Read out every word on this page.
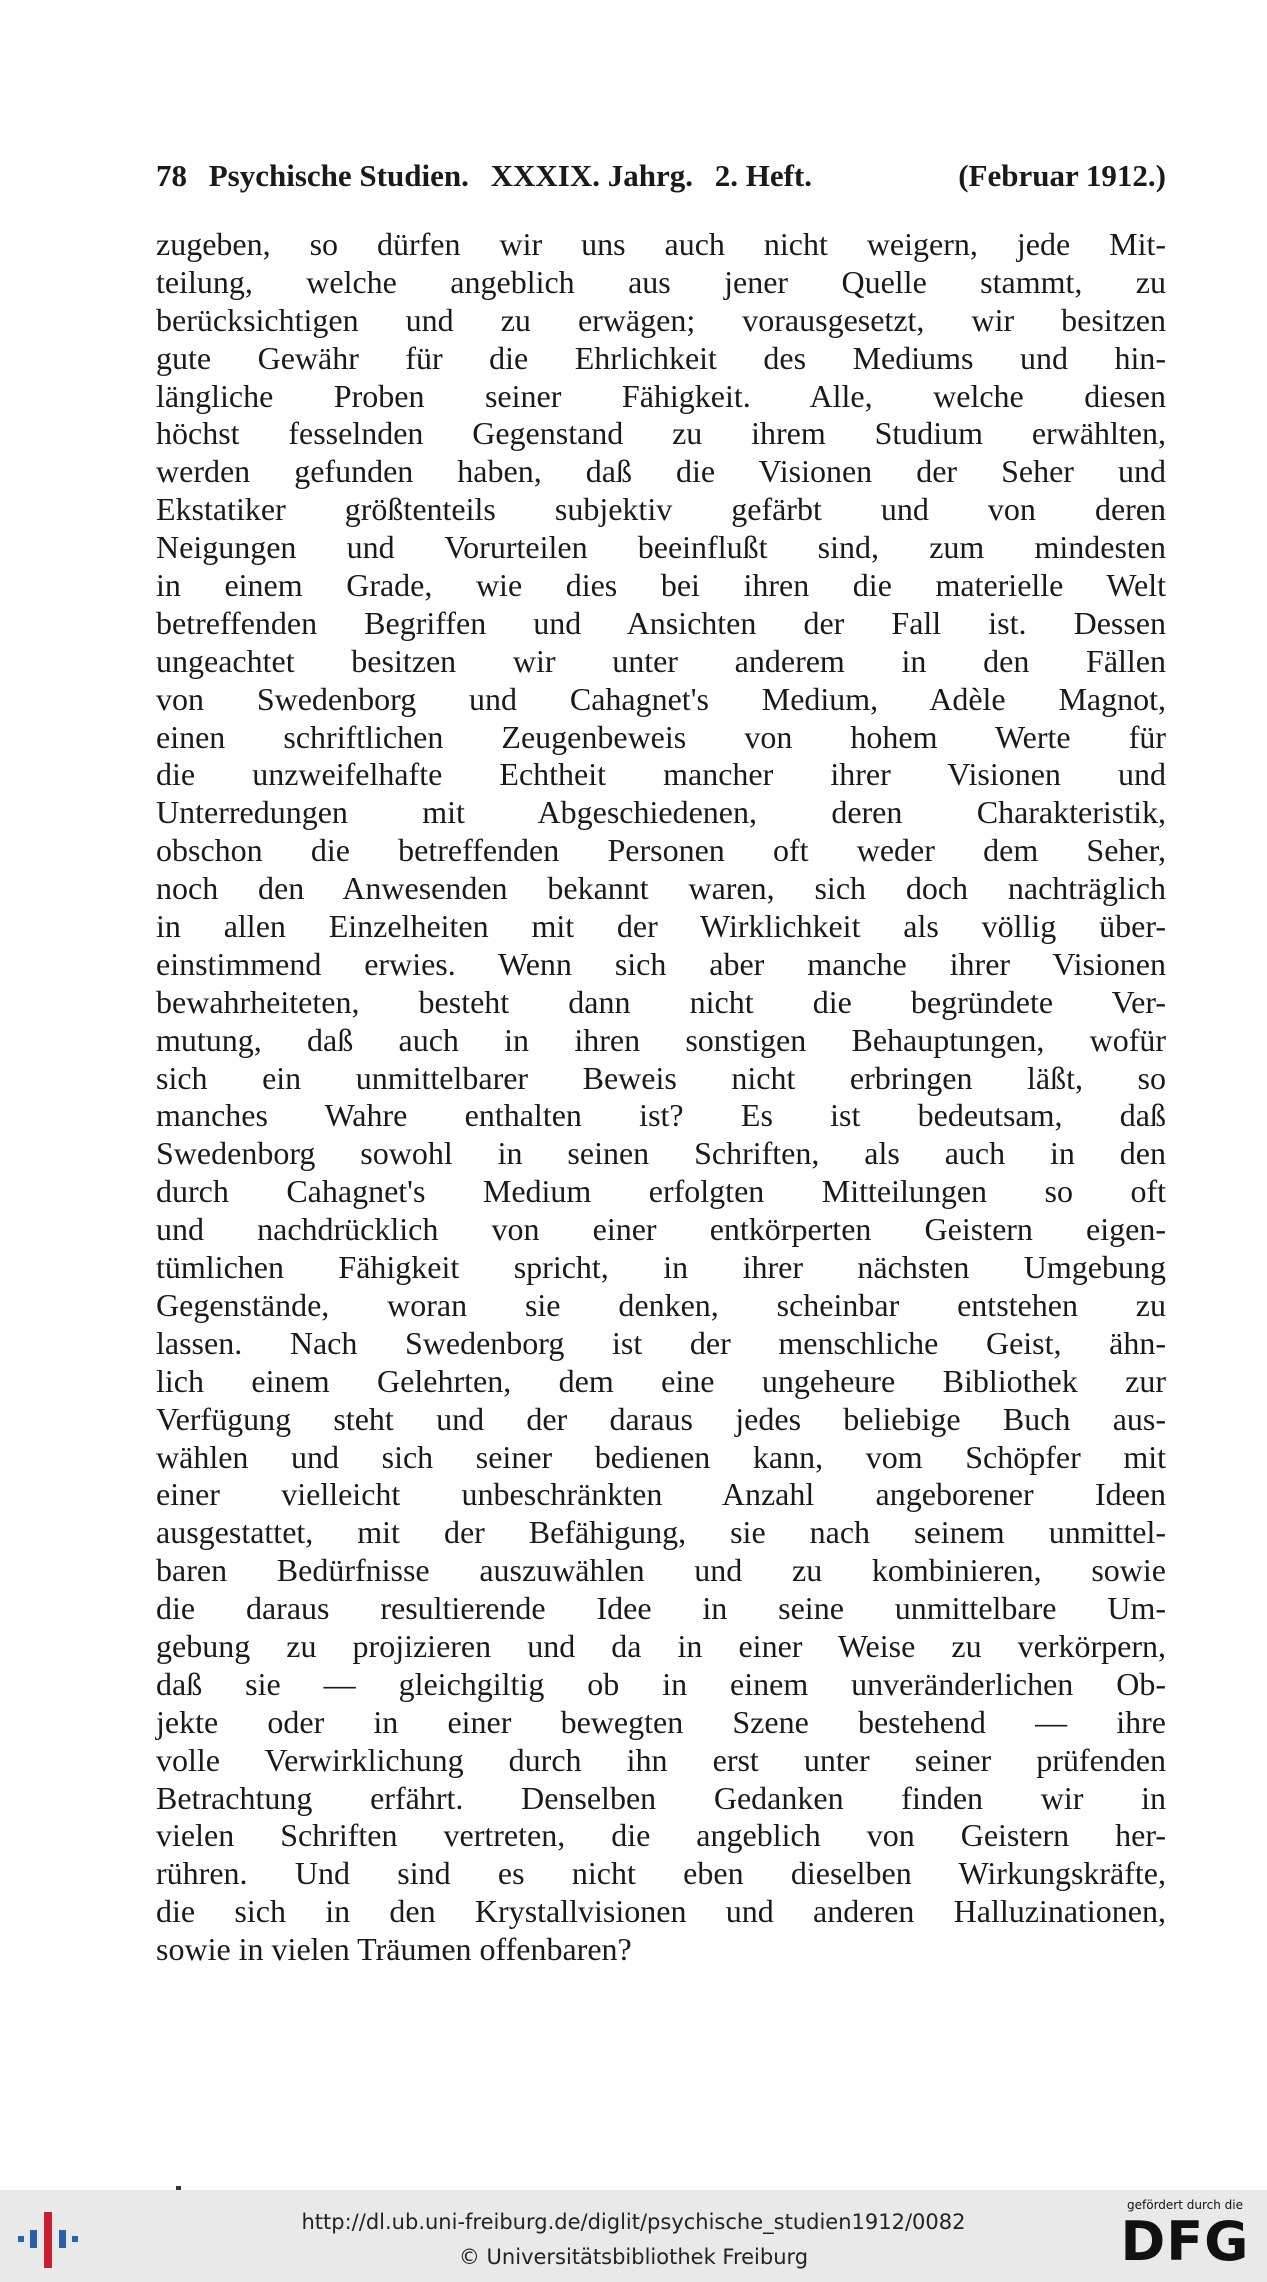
78 Psychische Studien. XXXIX. Jahrg. 2. Heft.	(Februar 1912.)
zugeben, so dürfen wir uns auch nicht weigern, jede Mit-
teilung, welche angeblich aus jener Quelle stammt, zu
berücksichtigen und zu erwägen; vorausgesetzt, wir besitzen
gute Gewähr für die Ehrlichkeit des Mediums und hin-
längliche Proben seiner Fähigkeit. Alle, welche diesen
höchst fesselnden Gegenstand zu ihrem Studium erwählten,
werden gefunden haben, daß die Visionen der Seher und
Ekstatiker größtenteils subjektiv gefärbt und von deren
Neigungen und Vorurteilen beeinflußt sind, zum mindesten
in einem Grade, wie dies bei ihren die materielle Welt
betreffenden Begriffen und Ansichten der Fall ist. Dessen
ungeachtet besitzen wir unter anderem in den Fällen
von Swedenborg und Cahagnet's Medium, Adèle Magnot,
einen schriftlichen Zeugenbeweis von hohem Werte für
die unzweifelhafte Echtheit mancher ihrer Visionen und
Unterredungen mit Abgeschiedenen, deren Charakteristik,
obschon die betreffenden Personen oft weder dem Seher,
noch den Anwesenden bekannt waren, sich doch nachträglich
in allen Einzelheiten mit der Wirklichkeit als völlig über-
einstimmend erwies. Wenn sich aber manche ihrer Visionen
bewahrheiteten, besteht dann nicht die begründete Ver-
mutung, daß auch in ihren sonstigen Behauptungen, wofür
sich ein unmittelbarer Beweis nicht erbringen läßt, so
manches Wahre enthalten ist? Es ist bedeutsam, daß
Swedenborg sowohl in seinen Schriften, als auch in den
durch Cahagnet's Medium erfolgten Mitteilungen so oft
und nachdrücklich von einer entkörperten Geistern eigen-
tümlichen Fähigkeit spricht, in ihrer nächsten Umgebung
Gegenstände, woran sie denken, scheinbar entstehen zu
lassen. Nach Swedenborg ist der menschliche Geist, ähn-
lich einem Gelehrten, dem eine ungeheure Bibliothek zur
Verfügung steht und der daraus jedes beliebige Buch aus-
wählen und sich seiner bedienen kann, vom Schöpfer mit
einer vielleicht unbeschränkten Anzahl angeborener Ideen
ausgestattet, mit der Befähigung, sie nach seinem unmittel-
baren Bedürfnisse auszuwählen und zu kombinieren, sowie
die daraus resultierende Idee in seine unmittelbare Um-
gebung zu projizieren und da in einer Weise zu verkörpern,
daß sie — gleichgiltig ob in einem unveränderlichen Ob-
jekte oder in einer bewegten Szene bestehend — ihre
volle Verwirklichung durch ihn erst unter seiner prüfenden
Betrachtung erfährt. Denselben Gedanken finden wir in
vielen Schriften vertreten, die angeblich von Geistern her-
rühren. Und sind es nicht eben dieselben Wirkungskräfte,
die sich in den Krystallvisionen und anderen Halluzinationen,
sowie in vielen Träumen offenbaren?
http://dl.ub.uni-freiburg.de/diglit/psychische_studien1912/0082
© Universitätsbibliothek Freiburg
gefördert durch die
DFG
